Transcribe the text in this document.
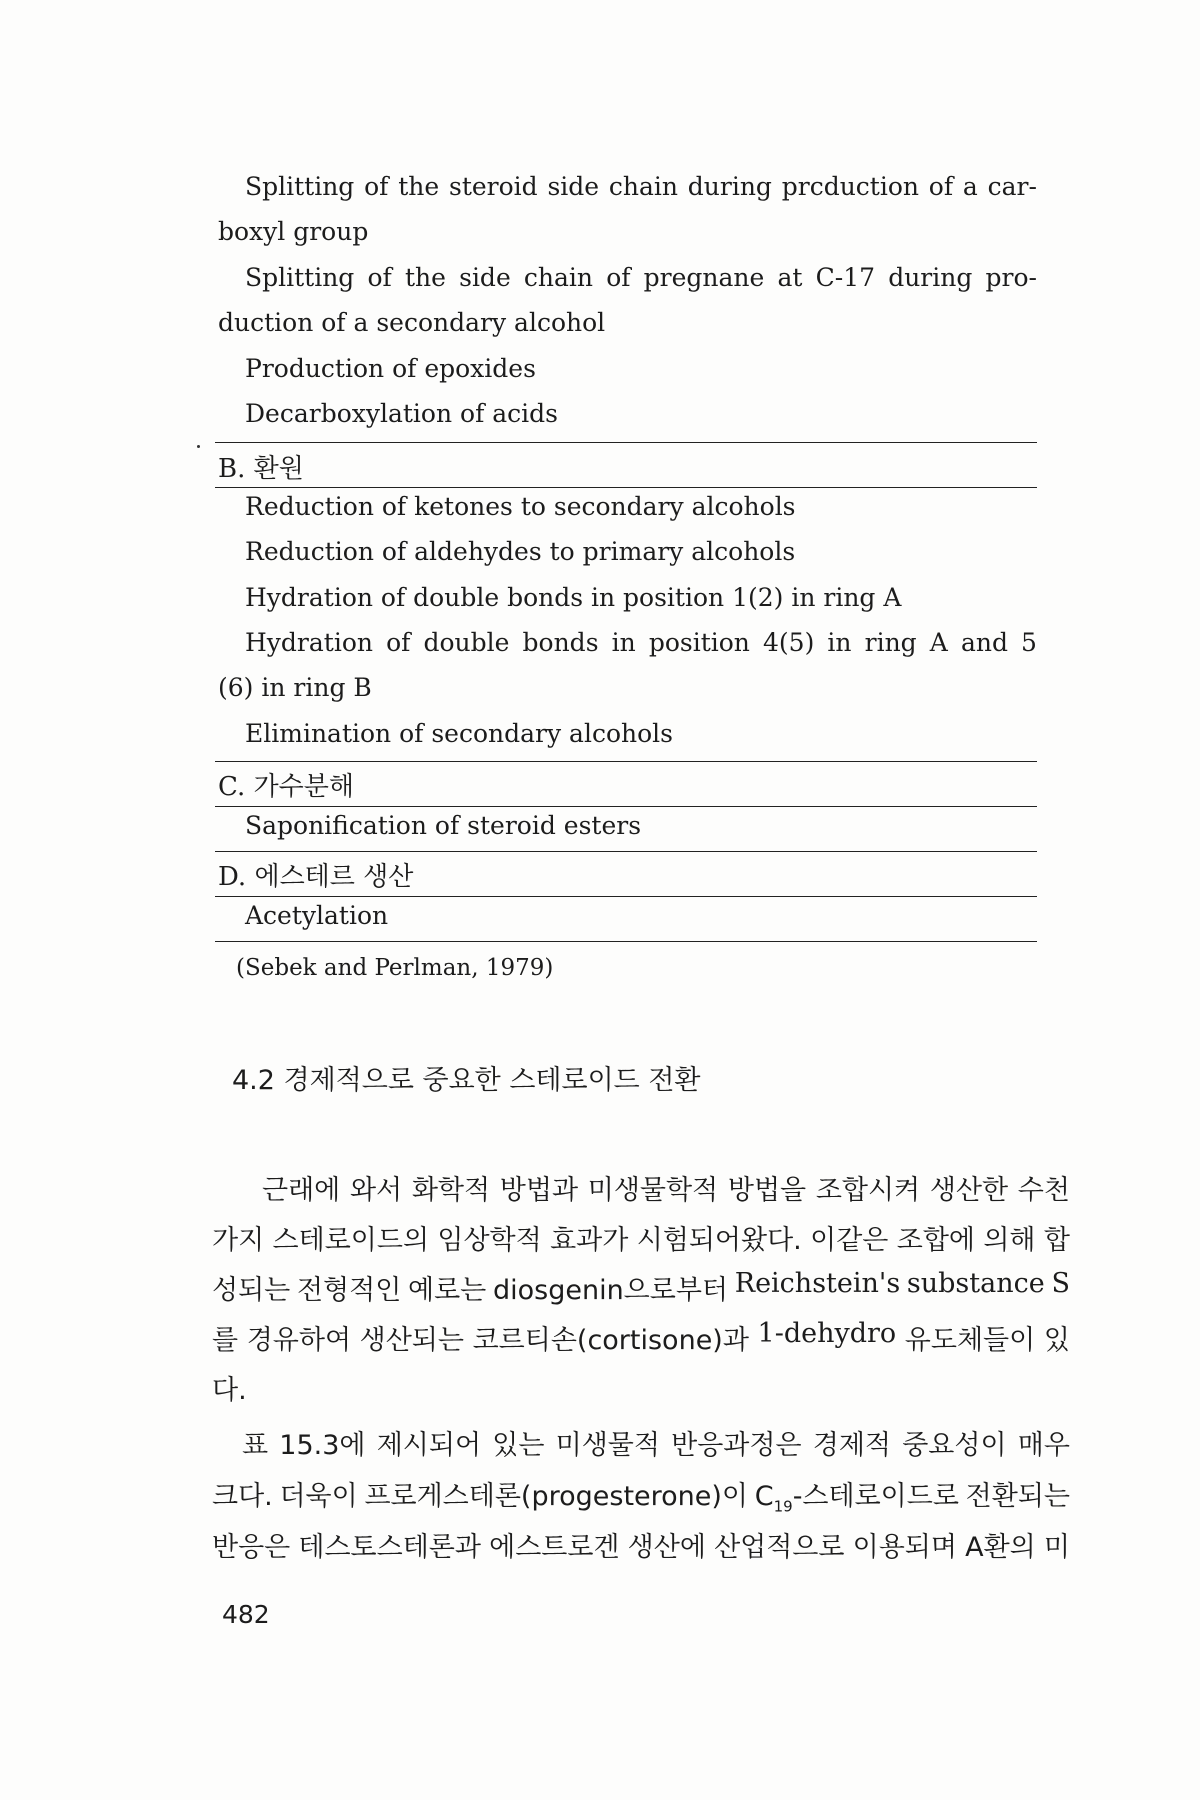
Splitting of the steroid side chain during prcduction of a car-
boxyl group
Splitting of the side chain of pregnane at C-17 during pro-
duction of a secondary alcohol
Production of epoxides
Decarboxylation of acids
B. 환원
Reduction of ketones to secondary alcohols
Reduction of aldehydes to primary alcohols
Hydration of double bonds in position 1(2) in ring A
Hydration of double bonds in position 4(5) in ring A and 5
(6) in ring B
Elimination of secondary alcohols
C. 가수분해
Saponification of steroid esters
D. 에스테르 생산
Acetylation
(Sebek and Perlman, 1979)
4.2 경제적으로 중요한 스테로이드 전환
근래에 와서 화학적 방법과 미생물학적 방법을 조합시켜 생산한 수천
가지 스테로이드의 임상학적 효과가 시험되어왔다. 이같은 조합에 의해 합
성되는 전형적인 예로는 diosgenin으로부터 Reichstein's substance S
를 경유하여 생산되는 코르티손(cortisone)과 1-dehydro 유도체들이 있
다.
표 15.3에 제시되어 있는 미생물적 반응과정은 경제적 중요성이 매우
크다. 더욱이 프로게스테론(progesterone)이 $C_{19}-$스테로이드로 전환되는
반응은 테스토스테론과 에스트로겐 생산에 산업적으로 이용되며 A환의 미
482
